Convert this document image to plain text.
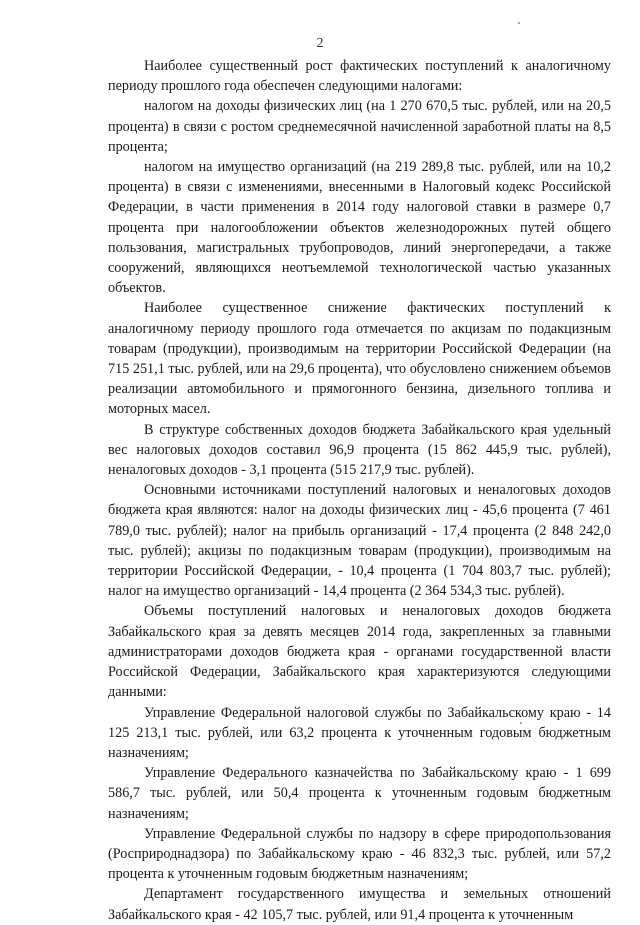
2

Наиболее существенный рост фактических поступлений к аналогичному периоду прошлого года обеспечен следующими налогами:

налогом на доходы физических лиц (на 1 270 670,5 тыс. рублей, или на 20,5 процента) в связи с ростом среднемесячной начисленной заработной платы на 8,5 процента;

налогом на имущество организаций (на 219 289,8 тыс. рублей, или на 10,2 процента) в связи с изменениями, внесенными в Налоговый кодекс Российской Федерации, в части применения в 2014 году налоговой ставки в размере 0,7 процента при налогообложении объектов железнодорожных путей общего пользования, магистральных трубопроводов, линий энергопередачи, а также сооружений, являющихся неотъемлемой технологической частью указанных объектов.

Наиболее существенное снижение фактических поступлений к аналогичному периоду прошлого года отмечается по акцизам по подакцизным товарам (продукции), производимым на территории Российской Федерации (на 715 251,1 тыс. рублей, или на 29,6 процента), что обусловлено снижением объемов реализации автомобильного и прямогонного бензина, дизельного топлива и моторных масел.

В структуре собственных доходов бюджета Забайкальского края удельный вес налоговых доходов составил 96,9 процента (15 862 445,9 тыс. рублей), неналоговых доходов - 3,1 процента (515 217,9 тыс. рублей).

Основными источниками поступлений налоговых и неналоговых доходов бюджета края являются: налог на доходы физических лиц - 45,6 процента (7 461 789,0 тыс. рублей); налог на прибыль организаций - 17,4 процента (2 848 242,0 тыс. рублей); акцизы по подакцизным товарам (продукции), производимым на территории Российской Федерации, - 10,4 процента (1 704 803,7 тыс. рублей); налог на имущество организаций - 14,4 процента (2 364 534,3 тыс. рублей).

Объемы поступлений налоговых и неналоговых доходов бюджета Забайкальского края за девять месяцев 2014 года, закрепленных за главными администраторами доходов бюджета края - органами государственной власти Российской Федерации, Забайкальского края характеризуются следующими данными:

Управление Федеральной налоговой службы по Забайкальскому краю - 14 125 213,1 тыс. рублей, или 63,2 процента к уточненным годовым бюджетным назначениям;

Управление Федерального казначейства по Забайкальскому краю - 1 699 586,7 тыс. рублей, или 50,4 процента к уточненным годовым бюджетным назначениям;

Управление Федеральной службы по надзору в сфере природопользования (Росприроднадзора) по Забайкальскому краю - 46 832,3 тыс. рублей, или 57,2 процента к уточненным годовым бюджетным назначениям;

Департамент государственного имущества и земельных отношений Забайкальского края - 42 105,7 тыс. рублей, или 91,4 процента к уточненным
